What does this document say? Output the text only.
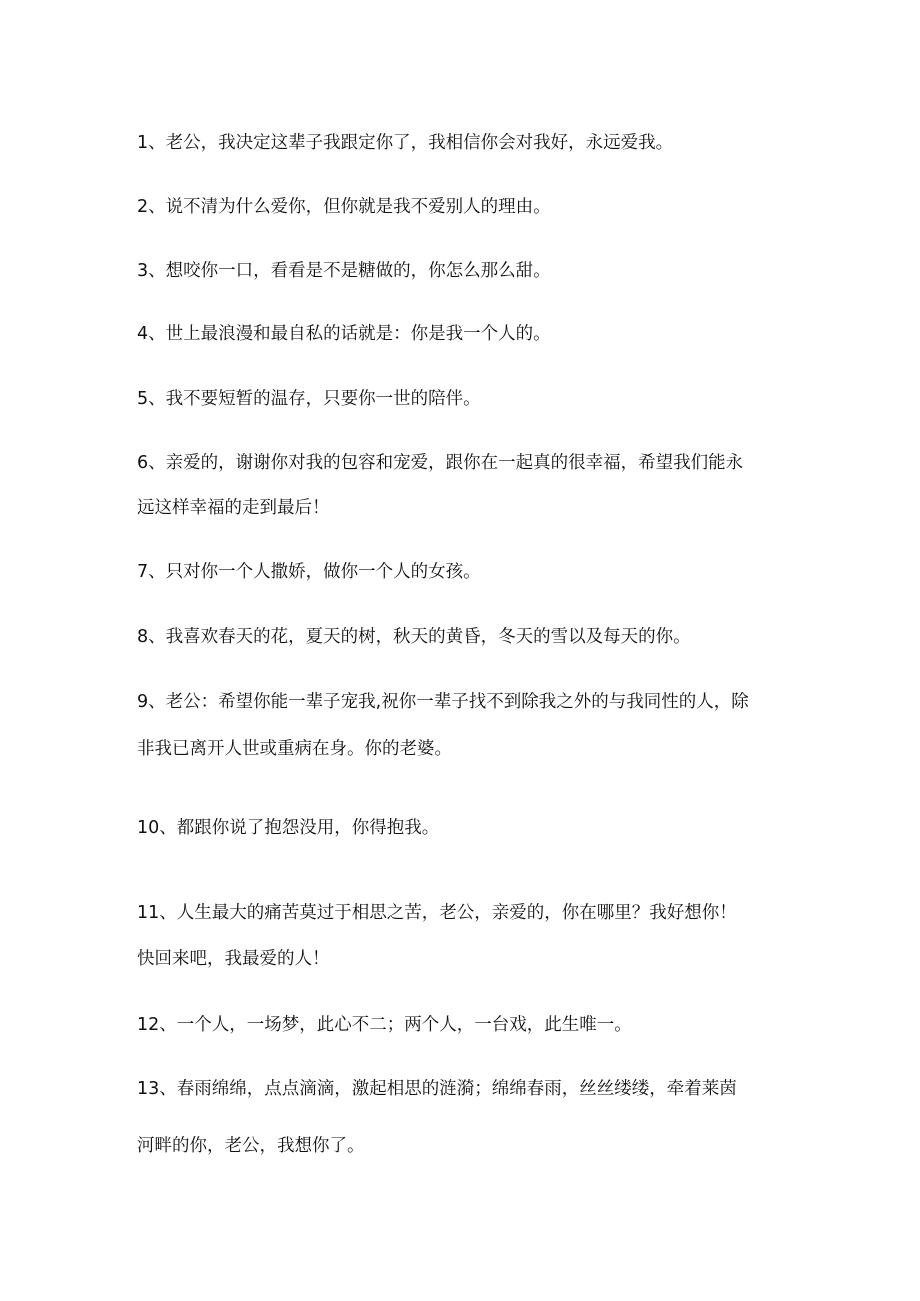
1、老公，我决定这辈子我跟定你了，我相信你会对我好，永远爱我。

2、说不清为什么爱你，但你就是我不爱别人的理由。

3、想咬你一口，看看是不是糖做的，你怎么那么甜。

4、世上最浪漫和最自私的话就是：你是我一个人的。

5、我不要短暂的温存，只要你一世的陪伴。

6、亲爱的，谢谢你对我的包容和宠爱，跟你在一起真的很幸福，希望我们能永

远这样幸福的走到最后！

7、只对你一个人撒娇，做你一个人的女孩。

8、我喜欢春天的花，夏天的树，秋天的黄昏，冬天的雪以及每天的你。

9、老公：希望你能一辈子宠我,祝你一辈子找不到除我之外的与我同性的人，除

非我已离开人世或重病在身。你的老婆。

10、都跟你说了抱怨没用，你得抱我。

11、人生最大的痛苦莫过于相思之苦，老公，亲爱的，你在哪里？我好想你！

快回来吧，我最爱的人！

12、一个人，一场梦，此心不二；两个人，一台戏，此生唯一。

13、春雨绵绵，点点滴滴，激起相思的涟漪；绵绵春雨，丝丝缕缕，牵着莱茵

河畔的你，老公，我想你了。
